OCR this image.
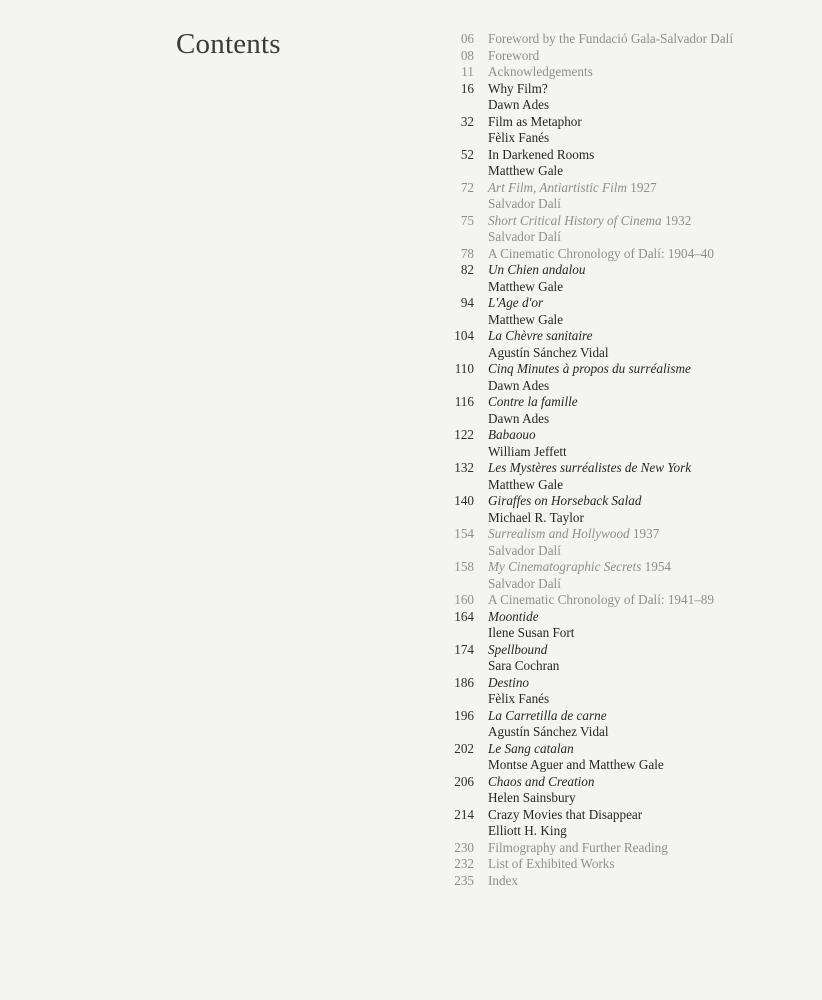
Contents	06 Foreword by the Fundació Gala-Salvador Dalí
08 Foreword
11 Acknowledgements
16 Why Film?
Dawn Ades
32 Film as Metaphor
Fèlix Fanés
52 In Darkened Rooms
Matthew Gale
72 Art Film, Antiartistic Film 1927
Salvador Dalí
75 Short Critical History of Cinema 1932
Salvador Dalí
78 A Cinematic Chronology of Dalí: 1904–40
82 Un Chien andalou
Matthew Gale
94 L'Age d'or
Matthew Gale
104 La Chèvre sanitaire
Agustín Sánchez Vidal
110 Cinq Minutes à propos du surréalisme
Dawn Ades
116 Contre la famille
Dawn Ades
122 Babaouo
William Jeffett
132 Les Mystères surréalistes de New York
Matthew Gale
140 Giraffes on Horseback Salad
Michael R. Taylor
154 Surrealism and Hollywood 1937
Salvador Dalí
158 My Cinematographic Secrets 1954
Salvador Dalí
160 A Cinematic Chronology of Dalí: 1941–89
164 Moontide
Ilene Susan Fort
174 Spellbound
Sara Cochran
186 Destino
Fèlix Fanés
196 La Carretilla de carne
Agustín Sánchez Vidal
202 Le Sang catalan
Montse Aguer and Matthew Gale
206 Chaos and Creation
Helen Sainsbury
214 Crazy Movies that Disappear
Elliott H. King
230 Filmography and Further Reading
232 List of Exhibited Works
235 Index
